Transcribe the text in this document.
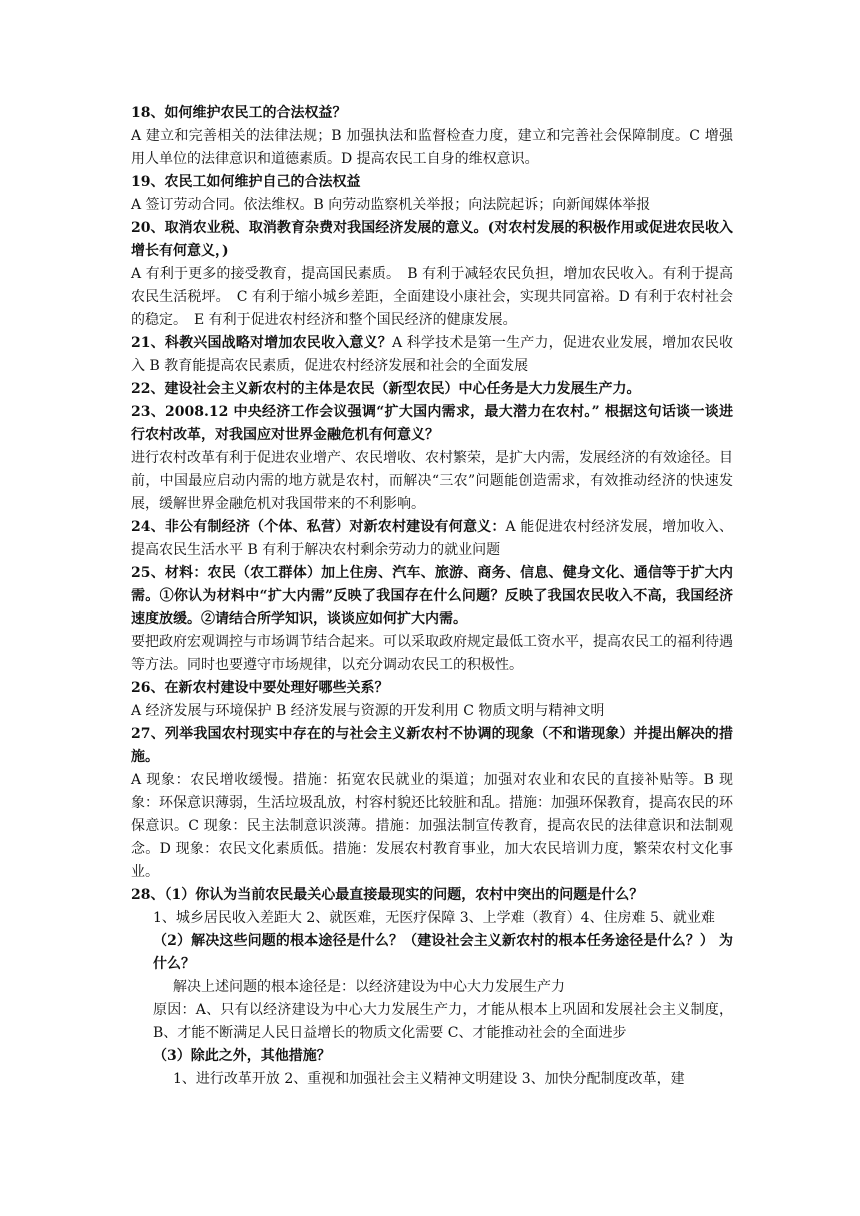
18、如何维护农民工的合法权益？

A 建立和完善相关的法律法规；B 加强执法和监督检查力度，建立和完善社会保障制度。C 增强用人单位的法律意识和道德素质。D 提高农民工自身的维权意识。

19、农民工如何维护自己的合法权益

A 签订劳动合同。依法维权。B 向劳动监察机关举报；向法院起诉；向新闻媒体举报

20、取消农业税、取消教育杂费对我国经济发展的意义。(对农村发展的积极作用或促进农民收入增长有何意义，)

A 有利于更多的接受教育，提高国民素质。　B 有利于减轻农民负担，增加农民收入。有利于提高农民生活税坪。　C 有利于缩小城乡差距，全面建设小康社会，实现共同富裕。D 有利于农村社会的稳定。　E 有利于促进农村经济和整个国民经济的健康发展。

21、科教兴国战略对增加农民收入意义？A 科学技术是第一生产力，促进农业发展，增加农民收入 B 教育能提高农民素质，促进农村经济发展和社会的全面发展

22、建设社会主义新农村的主体是农民（新型农民）中心任务是大力发展生产力。

23、2008.12 中央经济工作会议强调“扩大国内需求，最大潜力在农村。” 根据这句话谈一谈进行农村改革，对我国应对世界金融危机有何意义？

进行农村改革有利于促进农业增产、农民增收、农村繁荣，是扩大内需，发展经济的有效途径。目前，中国最应启动内需的地方就是农村，而解决“三农”问题能创造需求，有效推动经济的快速发展，缓解世界金融危机对我国带来的不利影响。

24、非公有制经济（个体、私营）对新农村建设有何意义：A 能促进农村经济发展，增加收入、提高农民生活水平 B 有利于解决农村剩余劳动力的就业问题

25、材料：农民（农工群体）加上住房、汽车、旅游、商务、信息、健身文化、通信等于扩大内需。①你认为材料中“扩大内需”反映了我国存在什么问题？反映了我国农民收入不高，我国经济速度放缓。②请结合所学知识，谈谈应如何扩大内需。

要把政府宏观调控与市场调节结合起来。可以采取政府规定最低工资水平，提高农民工的福利待遇等方法。同时也要遵守市场规律，以充分调动农民工的积极性。

26、在新农村建设中要处理好哪些关系？

A 经济发展与环境保护 B 经济发展与资源的开发利用 C 物质文明与精神文明

27、列举我国农村现实中存在的与社会主义新农村不协调的现象（不和谐现象）并提出解决的措施。

A 现象：农民增收缓慢。措施：拓宽农民就业的渠道；加强对农业和农民的直接补贴等。B 现象：环保意识薄弱，生活垃圾乱放，村容村貌还比较脏和乱。措施：加强环保教育，提高农民的环保意识。C 现象：民主法制意识淡薄。措施：加强法制宣传教育，提高农民的法律意识和法制观念。D 现象：农民文化素质低。措施：发展农村教育事业，加大农民培训力度，繁荣农村文化事业。

28、（1）你认为当前农民最关心最直接最现实的问题，农村中突出的问题是什么？

1、城乡居民收入差距大 2、就医难，无医疗保障 3、上学难（教育）4、住房难 5、就业难

（2）解决这些问题的根本途径是什么？（建设社会主义新农村的根本任务途径是什么？） 为什么？

解决上述问题的根本途径是：以经济建设为中心大力发展生产力

原因：A、只有以经济建设为中心大力发展生产力，才能从根本上巩固和发展社会主义制度，B、才能不断满足人民日益增长的物质文化需要 C、才能推动社会的全面进步

（3）除此之外，其他措施？

1、进行改革开放 2、重视和加强社会主义精神文明建设 3、加快分配制度改革，建
